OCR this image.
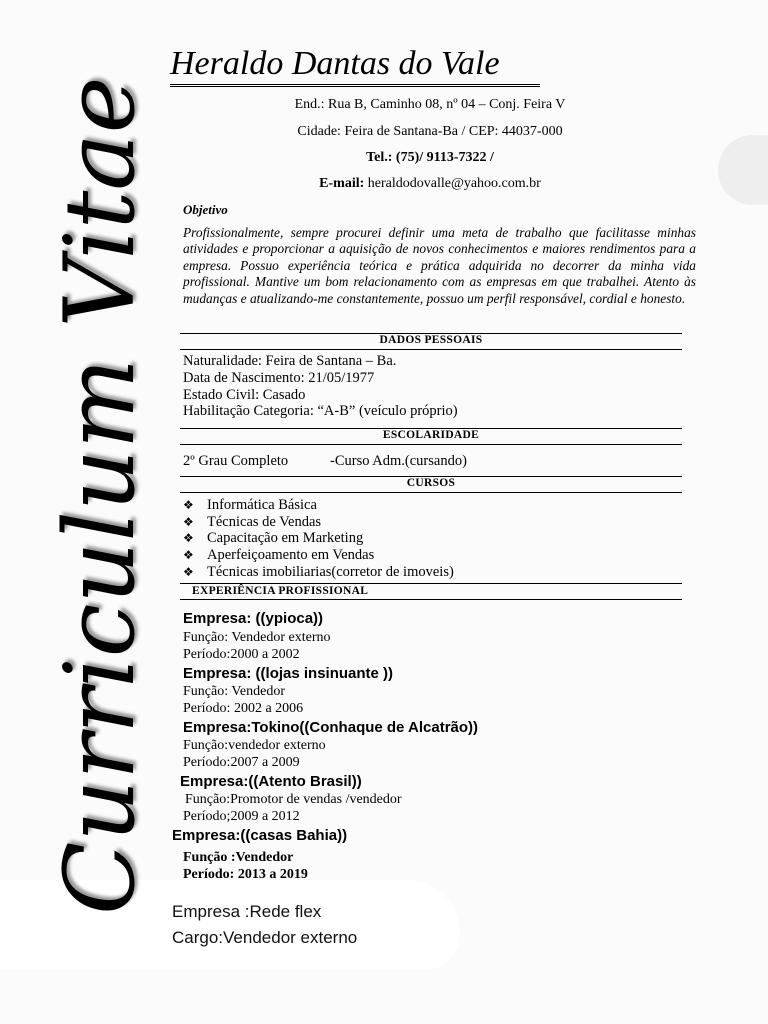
Curriculum Vitae
Heraldo Dantas do Vale
End.: Rua B, Caminho 08, nº 04 – Conj. Feira V
Cidade: Feira de Santana-Ba / CEP: 44037-000
Tel.: (75)/ 9113-7322 /
E-mail: heraldodovalle@yahoo.com.br
Objetivo
Profissionalmente, sempre procurei definir uma meta de trabalho que facilitasse minhas atividades e proporcionar a aquisição de novos conhecimentos e maiores rendimentos para a empresa. Possuo experiência teórica e prática adquirida no decorrer da minha vida profissional. Mantive um bom relacionamento com as empresas em que trabalhei. Atento às mudanças e atualizando-me constantemente, possuo um perfil responsável, cordial e honesto.
DADOS PESSOAIS
Naturalidade: Feira de Santana – Ba.
Data de Nascimento: 21/05/1977
Estado Civil: Casado
Habilitação Categoria: “A-B” (veículo próprio)
ESCOLARIDADE
2º Grau Completo	-Curso Adm.(cursando)
CURSOS
❖ Informática Básica
❖ Técnicas de Vendas
❖ Capacitação em Marketing
❖ Aperfeiçoamento em Vendas
❖ Técnicas imobiliarias(corretor de imoveis)
EXPERIÊNCIA PROFISSIONAL
Empresa: ((ypioca))
Função: Vendedor externo
Período:2000 a 2002
Empresa: ((lojas insinuante ))
Função: Vendedor
Período: 2002 a 2006
Empresa:Tokino((Conhaque de Alcatrão))
Função:vendedor externo
Período:2007 a 2009
Empresa:((Atento Brasil))
Função:Promotor de vendas /vendedor
Período;2009 a 2012
Empresa:((casas Bahia))
Função :Vendedor
Período: 2013 a 2019
Empresa :Rede flex
Cargo:Vendedor externo
